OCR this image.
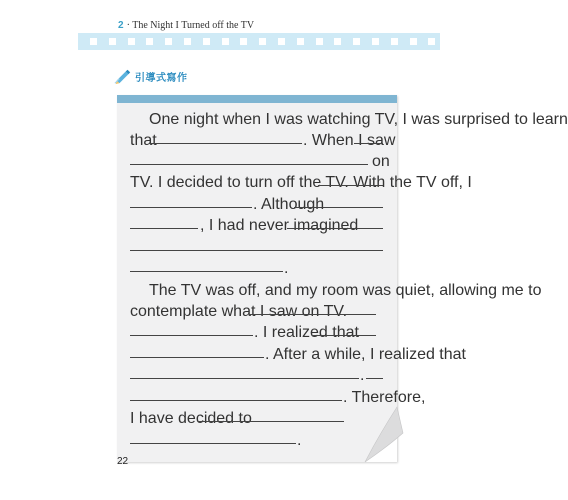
2 · The Night I Turned off the TV
引導式寫作
One night when I was watching TV, I was surprised to learn
that	. When I saw
on
TV. I decided to turn off the TV. With the TV off, I
. Although
, I had never imagined
.
The TV was off, and my room was quiet, allowing me to
contemplate what I saw on TV.
. I realized that
. After a while, I realized that
.
. Therefore,
I have decided to
.
22
